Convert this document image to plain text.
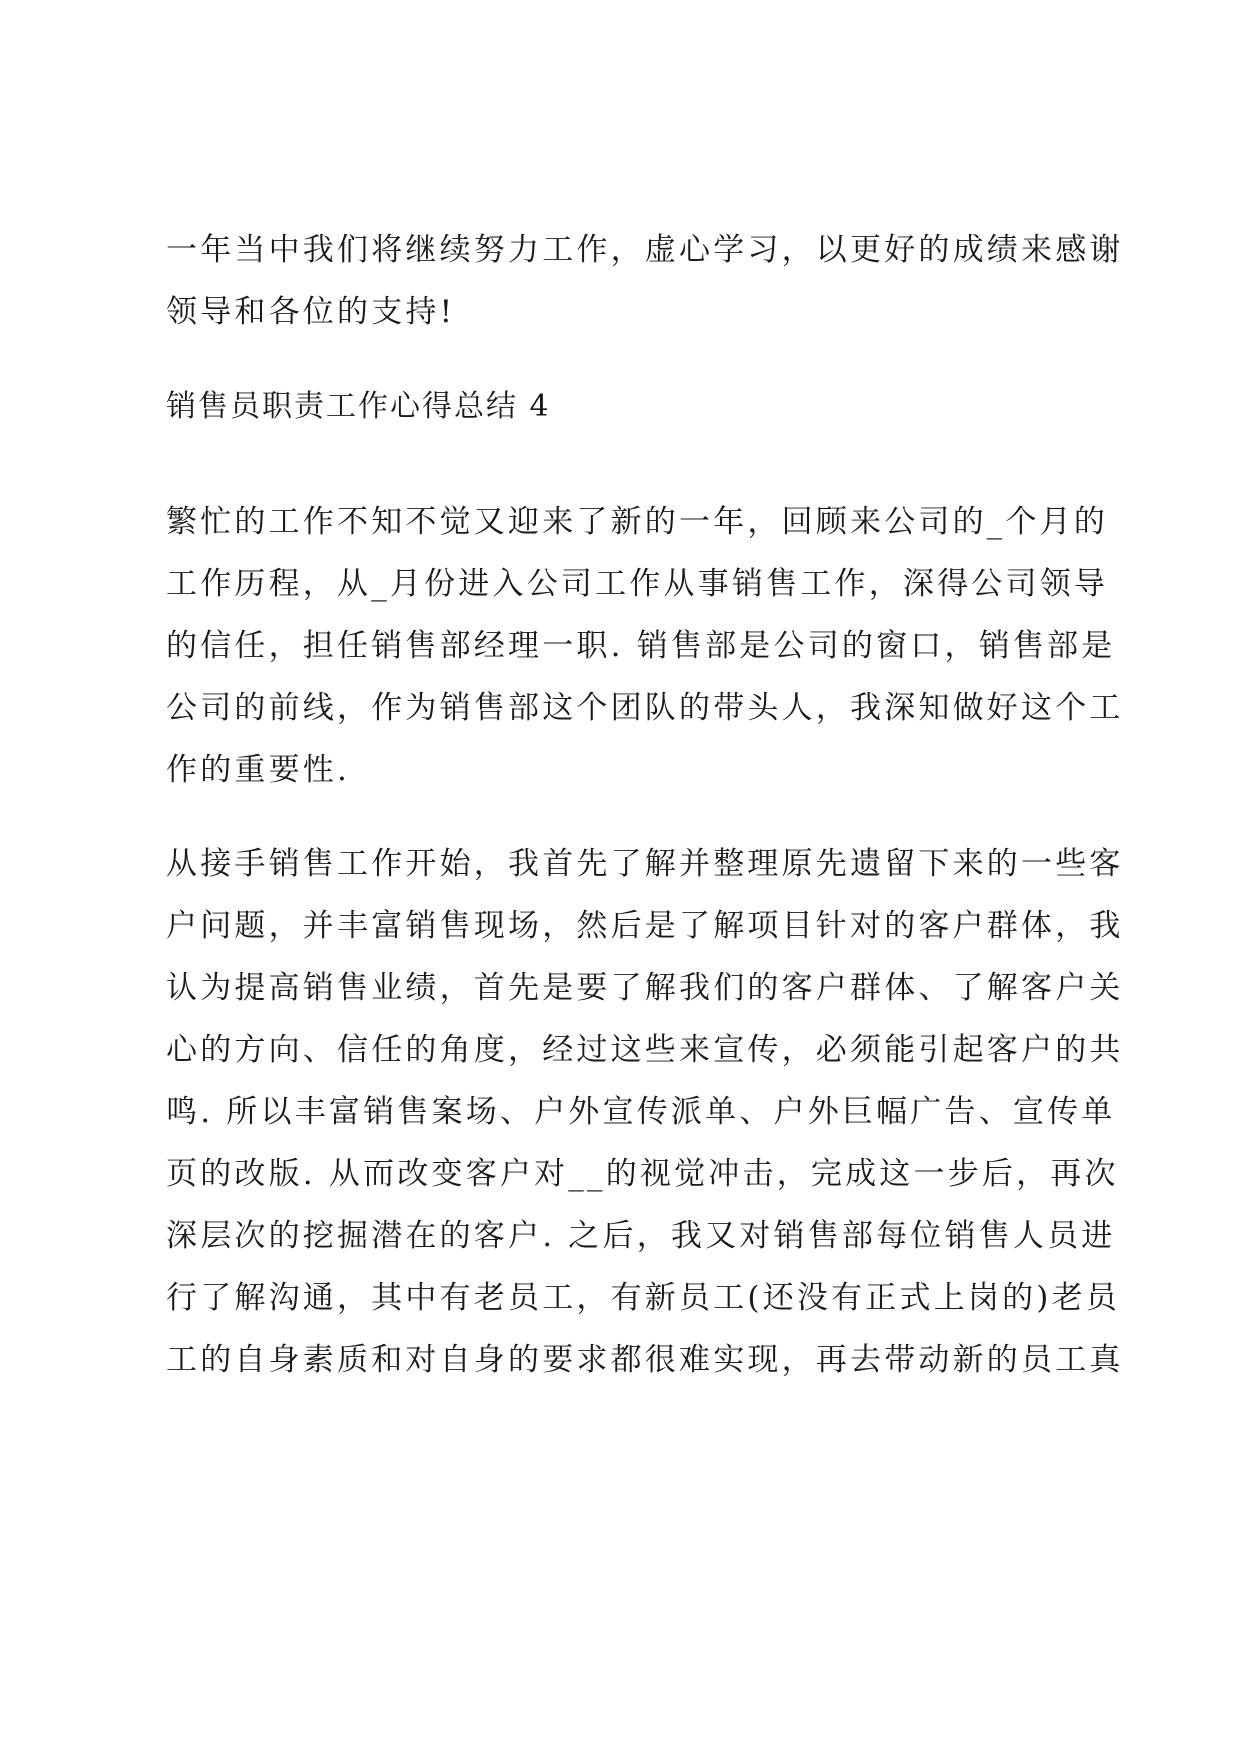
一年当中我们将继续努力工作，虚心学习，以更好的成绩来感谢
领导和各位的支持!

销售员职责工作心得总结 4

繁忙的工作不知不觉又迎来了新的一年，回顾来公司的_个月的
工作历程，从_月份进入公司工作从事销售工作，深得公司领导
的信任，担任销售部经理一职. 销售部是公司的窗口，销售部是
公司的前线，作为销售部这个团队的带头人，我深知做好这个工
作的重要性.

从接手销售工作开始，我首先了解并整理原先遗留下来的一些客
户问题，并丰富销售现场，然后是了解项目针对的客户群体，我
认为提高销售业绩，首先是要了解我们的客户群体、了解客户关
心的方向、信任的角度，经过这些来宣传，必须能引起客户的共
鸣. 所以丰富销售案场、户外宣传派单、户外巨幅广告、宣传单
页的改版. 从而改变客户对__的视觉冲击，完成这一步后，再次
深层次的挖掘潜在的客户. 之后，我又对销售部每位销售人员进
行了解沟通，其中有老员工，有新员工(还没有正式上岗的)老员
工的自身素质和对自身的要求都很难实现，再去带动新的员工真
